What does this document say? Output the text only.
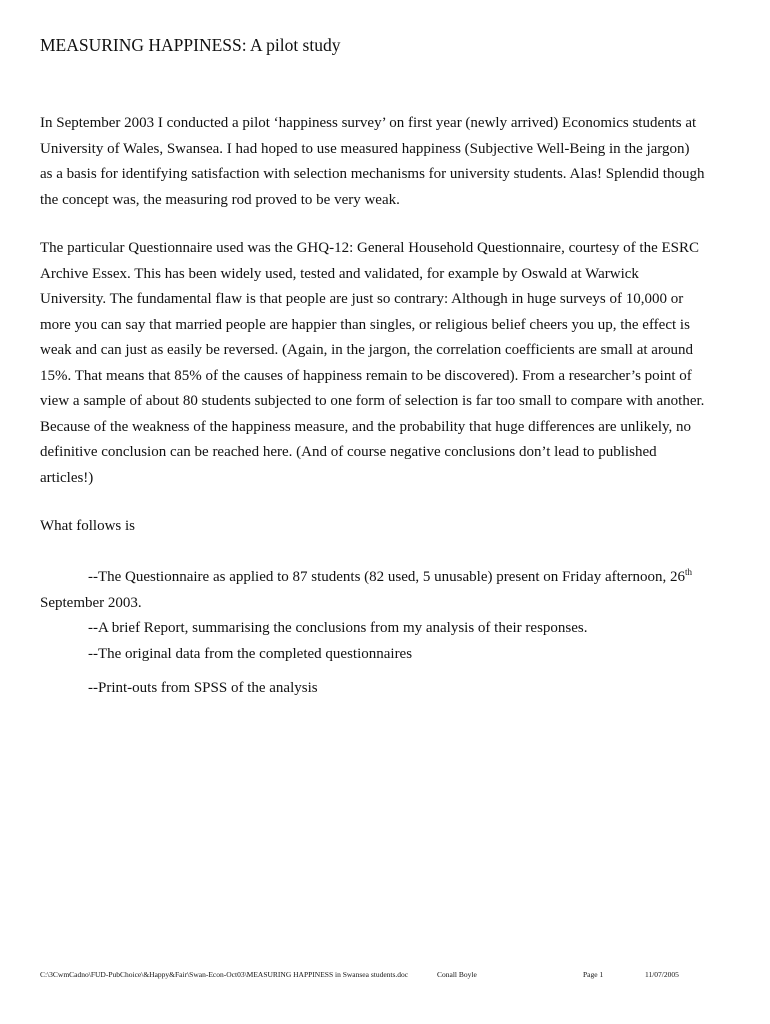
MEASURING HAPPINESS: A pilot study
In September 2003 I conducted a pilot ‘happiness survey’ on first year (newly arrived) Economics students at
University of Wales, Swansea. I had hoped to use measured happiness (Subjective Well-Being in the jargon)
as a basis for identifying satisfaction with selection mechanisms for university students. Alas! Splendid though
the concept was, the measuring rod proved to be very weak.
The particular Questionnaire used was the GHQ-12: General Household Questionnaire, courtesy of the ESRC
Archive Essex. This has been widely used, tested and validated, for example by Oswald at Warwick
University. The fundamental flaw is that people are just so contrary: Although in huge surveys of 10,000 or
more you can say that married people are happier than singles, or religious belief cheers you up, the effect is
weak and can just as easily be reversed. (Again, in the jargon, the correlation coefficients are small at around
15%. That means that 85% of the causes of happiness remain to be discovered). From a researcher’s point of
view a sample of about 80 students subjected to one form of selection is far too small to compare with another.
Because of the weakness of the happiness measure, and the probability that huge differences are unlikely, no
definitive conclusion can be reached here. (And of course negative conclusions don’t lead to published
articles!)
What follows is
--The Questionnaire as applied to 87 students (82 used, 5 unusable) present on Friday afternoon, 26th
September 2003.
--A brief Report, summarising the conclusions from my analysis of their responses.
--The original data from the completed questionnaires
--Print-outs from SPSS of the analysis
C:\3CwmCadno\FUD-PubChoice\&Happy&Fair\Swan-Econ-Oct03\MEASURING HAPPINESS in Swansea students.doc	Conall Boyle	Page 1	11/07/2005
